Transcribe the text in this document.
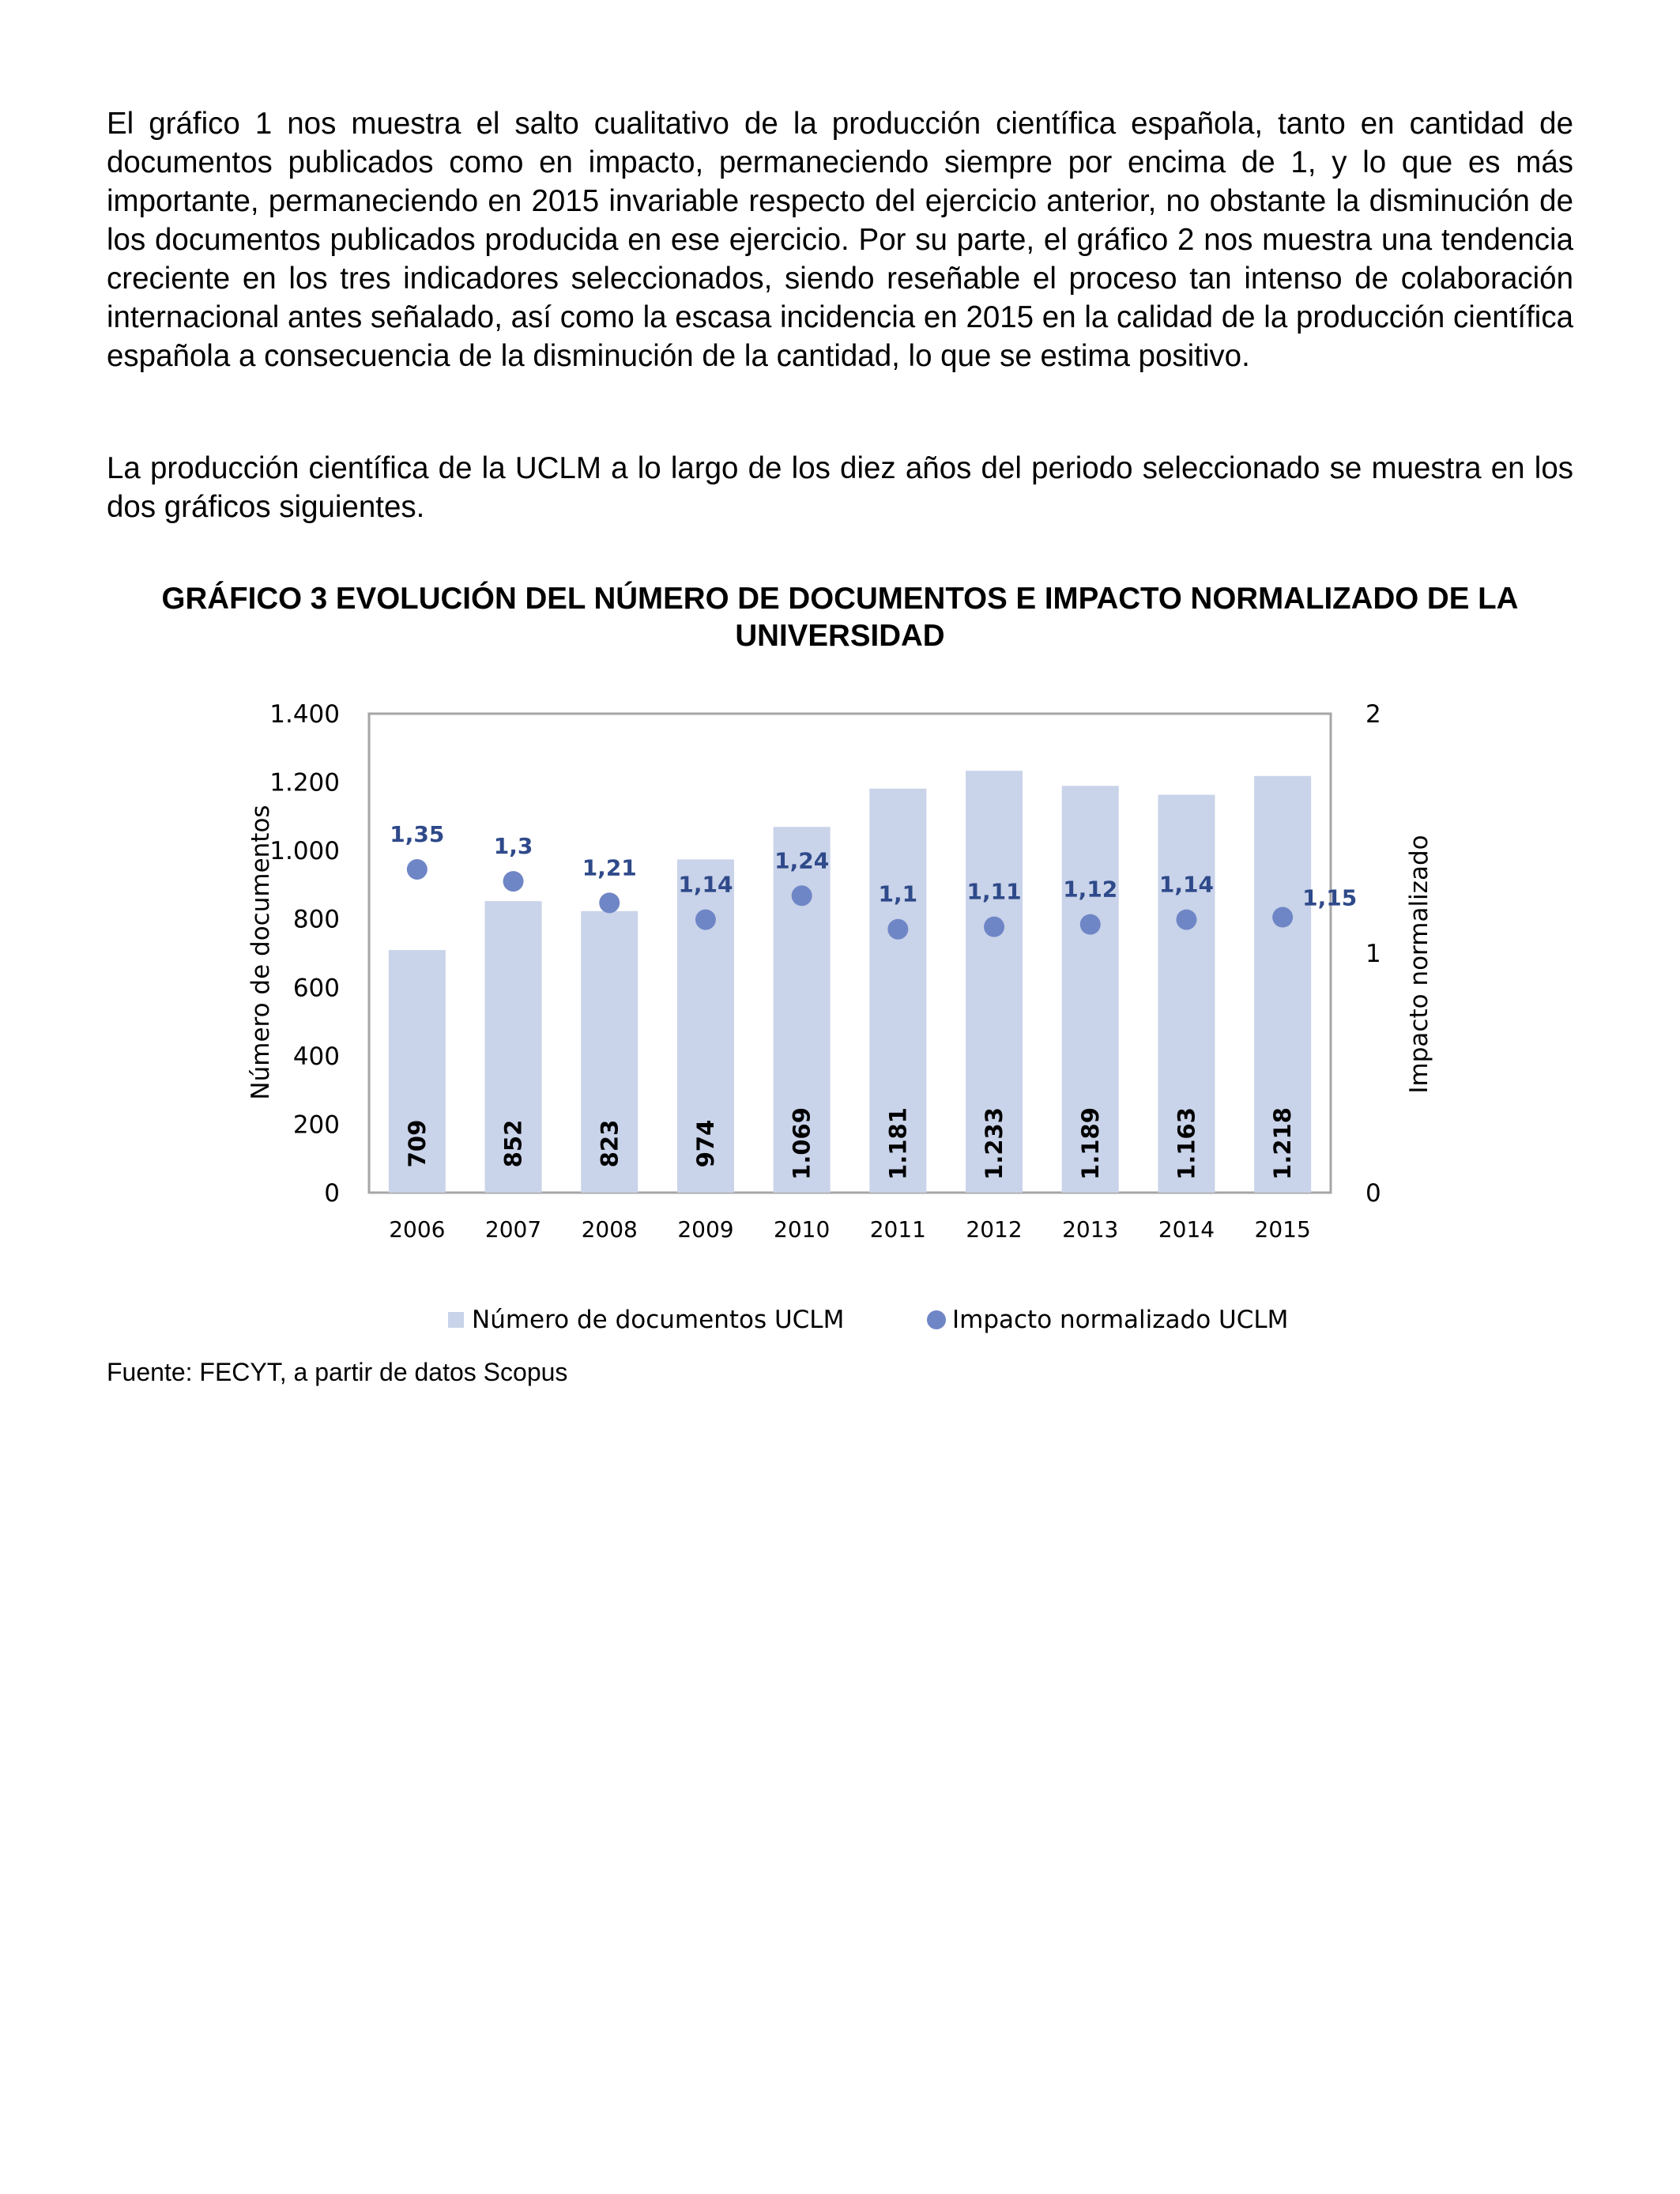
El gráfico 1 nos muestra el salto cualitativo de la producción científica española, tanto en cantidad de documentos publicados como en impacto, permaneciendo siempre por encima de 1, y lo que es más importante, permaneciendo en 2015 invariable respecto del ejercicio anterior, no obstante la disminución de los documentos publicados producida en ese ejercicio. Por su parte, el gráfico 2 nos muestra una tendencia creciente en los tres indicadores seleccionados, siendo reseñable el proceso tan intenso de colaboración internacional antes señalado, así como la escasa incidencia en 2015 en la calidad de la producción científica española a consecuencia de la disminución de la cantidad, lo que se estima positivo.

La producción científica de la UCLM a lo largo de los diez años del periodo seleccionado se muestra en los dos gráficos siguientes.

GRÁFICO 3 EVOLUCIÓN DEL NÚMERO DE DOCUMENTOS E IMPACTO NORMALIZADO DE LA UNIVERSIDAD

709	852	823	974	1.069	1.181	1.233	1.189	1.163	1.218
1,35 1,3
1,21
1,14
1,24
1,1 1,11 1,12 1,14
1,15
2006 2007 2008 2009 2010 2011 2012 2013 2014 2015
0
200
400
600
800
1.000
1.200
1.400
0
1
2
Número de documentos	Impacto normalizado
Número de documentos UCLM	Impacto normalizado UCLM
Fuente: FECYT, a partir de datos Scopus
